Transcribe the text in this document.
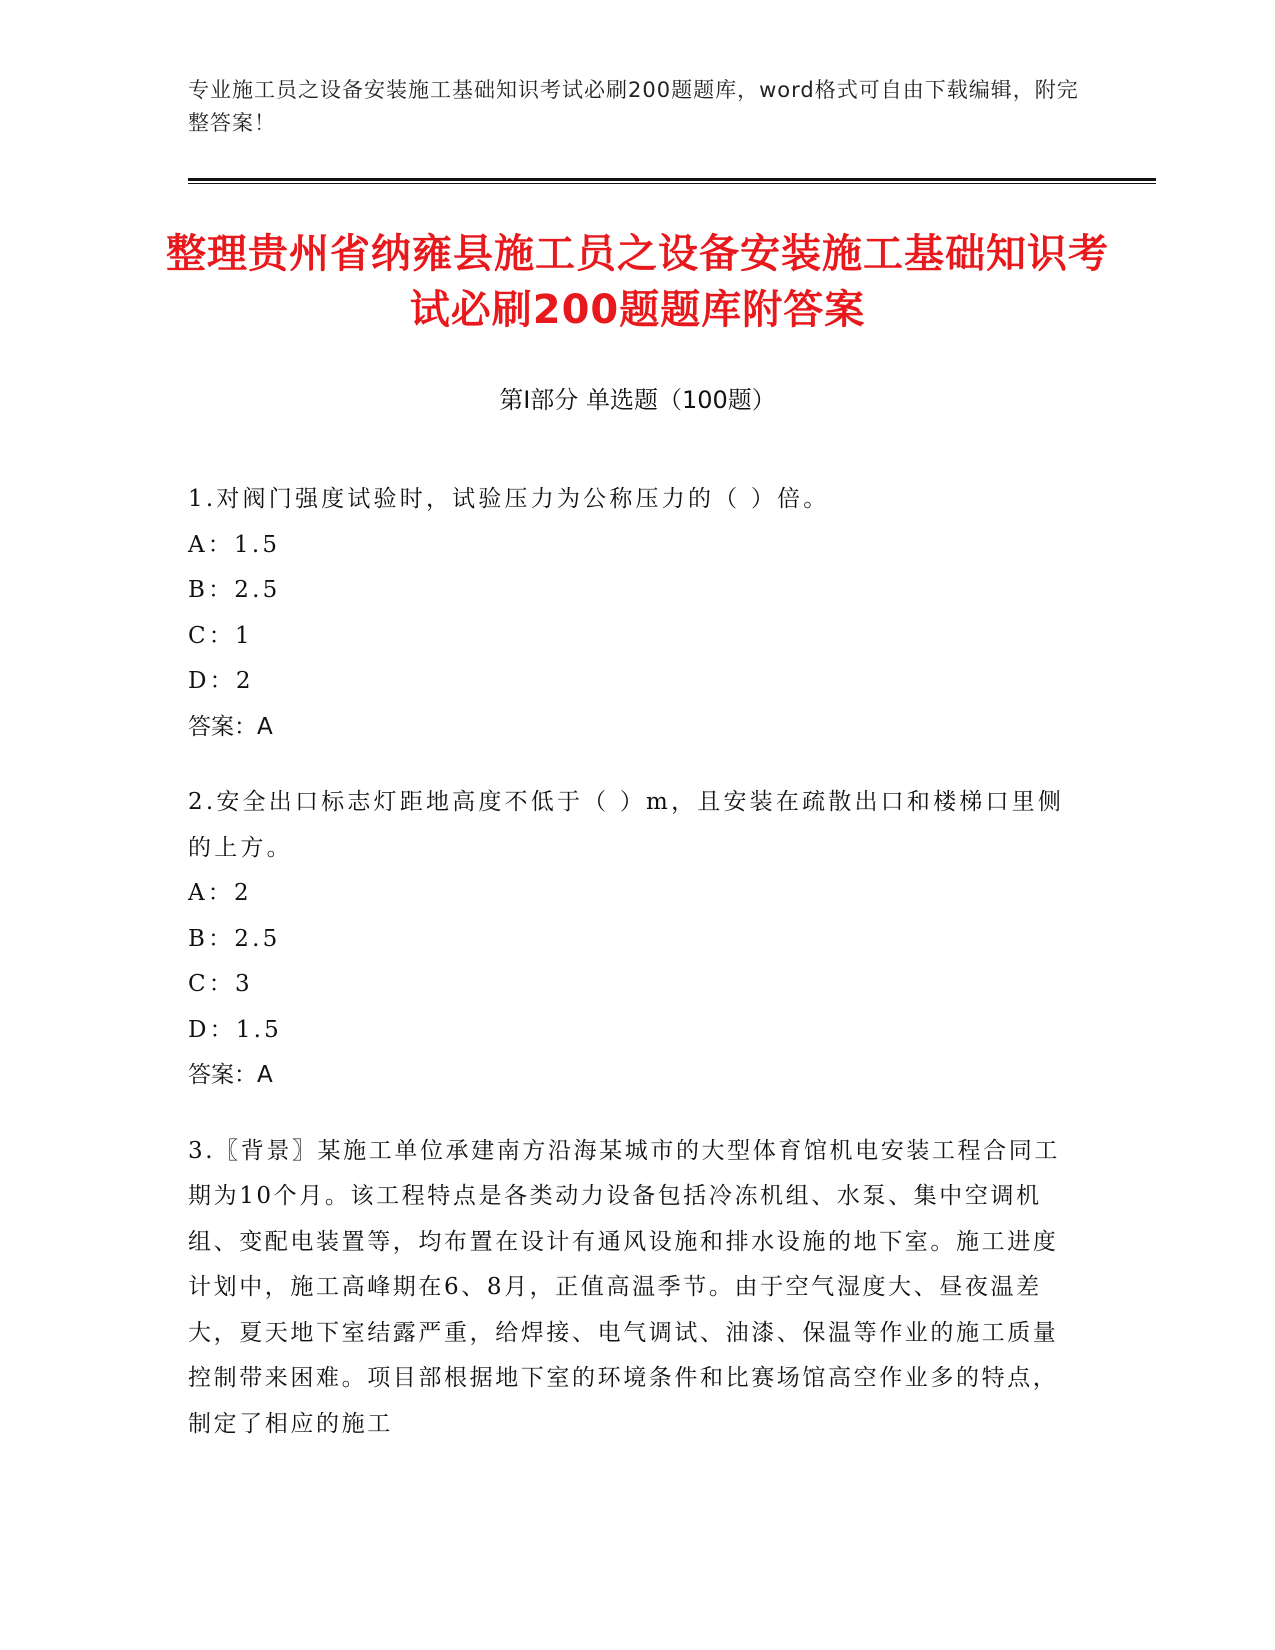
专业施工员之设备安装施工基础知识考试必刷200题题库，word格式可自由下载编辑，附完整答案！
整理贵州省纳雍县施工员之设备安装施工基础知识考试必刷200题题库附答案
第Ⅰ部分 单选题（100题）

1.对阀门强度试验时，试验压力为公称压力的（ ）倍。

A：1.5

B：2.5

C：1

D：2

答案：A

2.安全出口标志灯距地高度不低于（ ）m，且安装在疏散出口和楼梯口里侧的上方。

A：2

B：2.5

C：3

D：1.5

答案：A

3.〖背景〗某施工单位承建南方沿海某城市的大型体育馆机电安装工程合同工期为10个月。该工程特点是各类动力设备包括冷冻机组、水泵、集中空调机组、变配电装置等，均布置在设计有通风设施和排水设施的地下室。施工进度计划中，施工高峰期在6、8月，正值高温季节。由于空气湿度大、昼夜温差大，夏天地下室结露严重，给焊接、电气调试、油漆、保温等作业的施工质量控制带来困难。项目部根据地下室的环境条件和比赛场馆高空作业多的特点，制定了相应的施工
